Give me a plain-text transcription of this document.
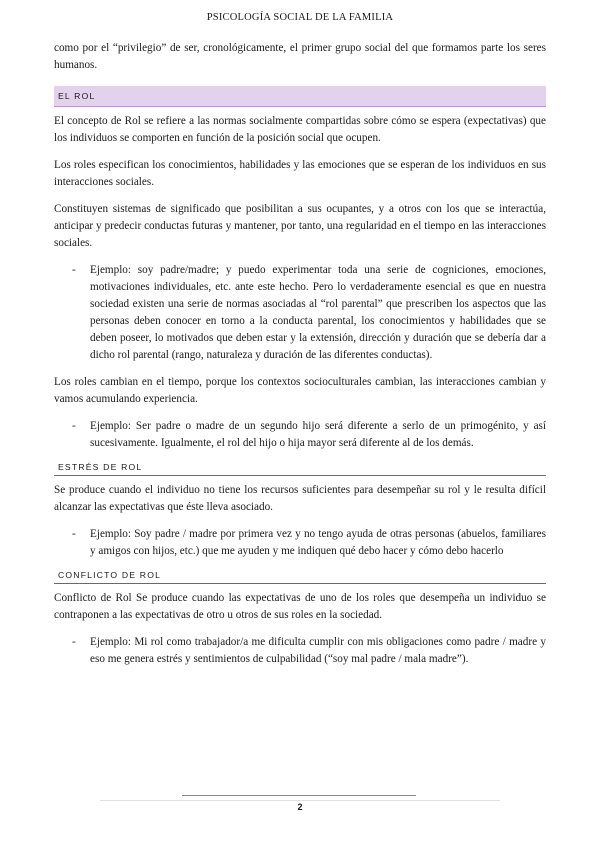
PSICOLOGÍA SOCIAL DE LA FAMILIA

como por el “privilegio” de ser, cronológicamente, el primer grupo social del que formamos parte los seres humanos.

EL ROL

El concepto de Rol se refiere a las normas socialmente compartidas sobre cómo se espera (expectativas) que los individuos se comporten en función de la posición social que ocupen.

Los roles especifican los conocimientos, habilidades y las emociones que se esperan de los individuos en sus interacciones sociales.

Constituyen sistemas de significado que posibilitan a sus ocupantes, y a otros con los que se interactúa, anticipar y predecir conductas futuras y mantener, por tanto, una regularidad en el tiempo en las interacciones sociales.

-	Ejemplo: soy padre/madre; y puedo experimentar toda una serie de cogniciones, emociones, motivaciones individuales, etc. ante este hecho. Pero lo verdaderamente esencial es que en nuestra sociedad existen una serie de normas asociadas al “rol parental” que prescriben los aspectos que las personas deben conocer en torno a la conducta parental, los conocimientos y habilidades que se deben poseer, lo motivados que deben estar y la extensión, dirección y duración que se debería dar a dicho rol parental (rango, naturaleza y duración de las diferentes conductas).

Los roles cambian en el tiempo, porque los contextos socioculturales cambian, las interacciones cambian y vamos acumulando experiencia.

-	Ejemplo: Ser padre o madre de un segundo hijo será diferente a serlo de un primogénito, y así sucesivamente. Igualmente, el rol del hijo o hija mayor será diferente al de los demás.

ESTRÉS DE ROL

Se produce cuando el individuo no tiene los recursos suficientes para desempeñar su rol y le resulta difícil alcanzar las expectativas que éste lleva asociado.

-	Ejemplo: Soy padre / madre por primera vez y no tengo ayuda de otras personas (abuelos, familiares y amigos con hijos, etc.) que me ayuden y me indiquen qué debo hacer y cómo debo hacerlo

CONFLICTO DE ROL

Conflicto de Rol Se produce cuando las expectativas de uno de los roles que desempeña un individuo se contraponen a las expectativas de otro u otros de sus roles en la sociedad.

-	Ejemplo: Mi rol como trabajador/a me dificulta cumplir con mis obligaciones como padre / madre y eso me genera estrés y sentimientos de culpabilidad (“soy mal padre / mala madre”).

2
